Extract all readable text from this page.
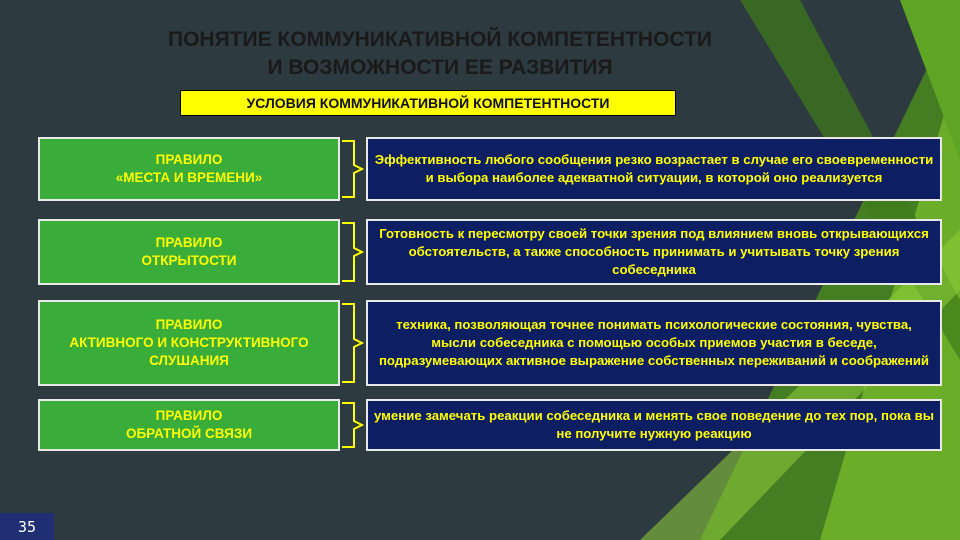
ПОНЯТИЕ КОММУНИКАТИВНОЙ КОМПЕТЕНТНОСТИ
И ВОЗМОЖНОСТИ ЕЕ РАЗВИТИЯ
УСЛОВИЯ КОММУНИКАТИВНОЙ КОМПЕТЕНТНОСТИ
ПРАВИЛО
«МЕСТА И ВРЕМЕНИ»
Эффективность любого сообщения резко возрастает в случае его своевременности и выбора наиболее адекватной ситуации, в которой оно реализуется
ПРАВИЛО
ОТКРЫТОСТИ
Готовность к пересмотру своей точки зрения под влиянием вновь открывающихся обстоятельств, а также способность принимать и учитывать точку зрения собеседника
ПРАВИЛО
АКТИВНОГО И КОНСТРУКТИВНОГО
СЛУШАНИЯ
техника, позволяющая точнее понимать психологические состояния, чувства, мысли собеседника с помощью особых приемов участия в беседе, подразумевающих активное выражение собственных переживаний и соображений
ПРАВИЛО
ОБРАТНОЙ СВЯЗИ
умение замечать реакции собеседника и менять свое поведение до тех пор, пока вы не получите нужную реакцию
35
